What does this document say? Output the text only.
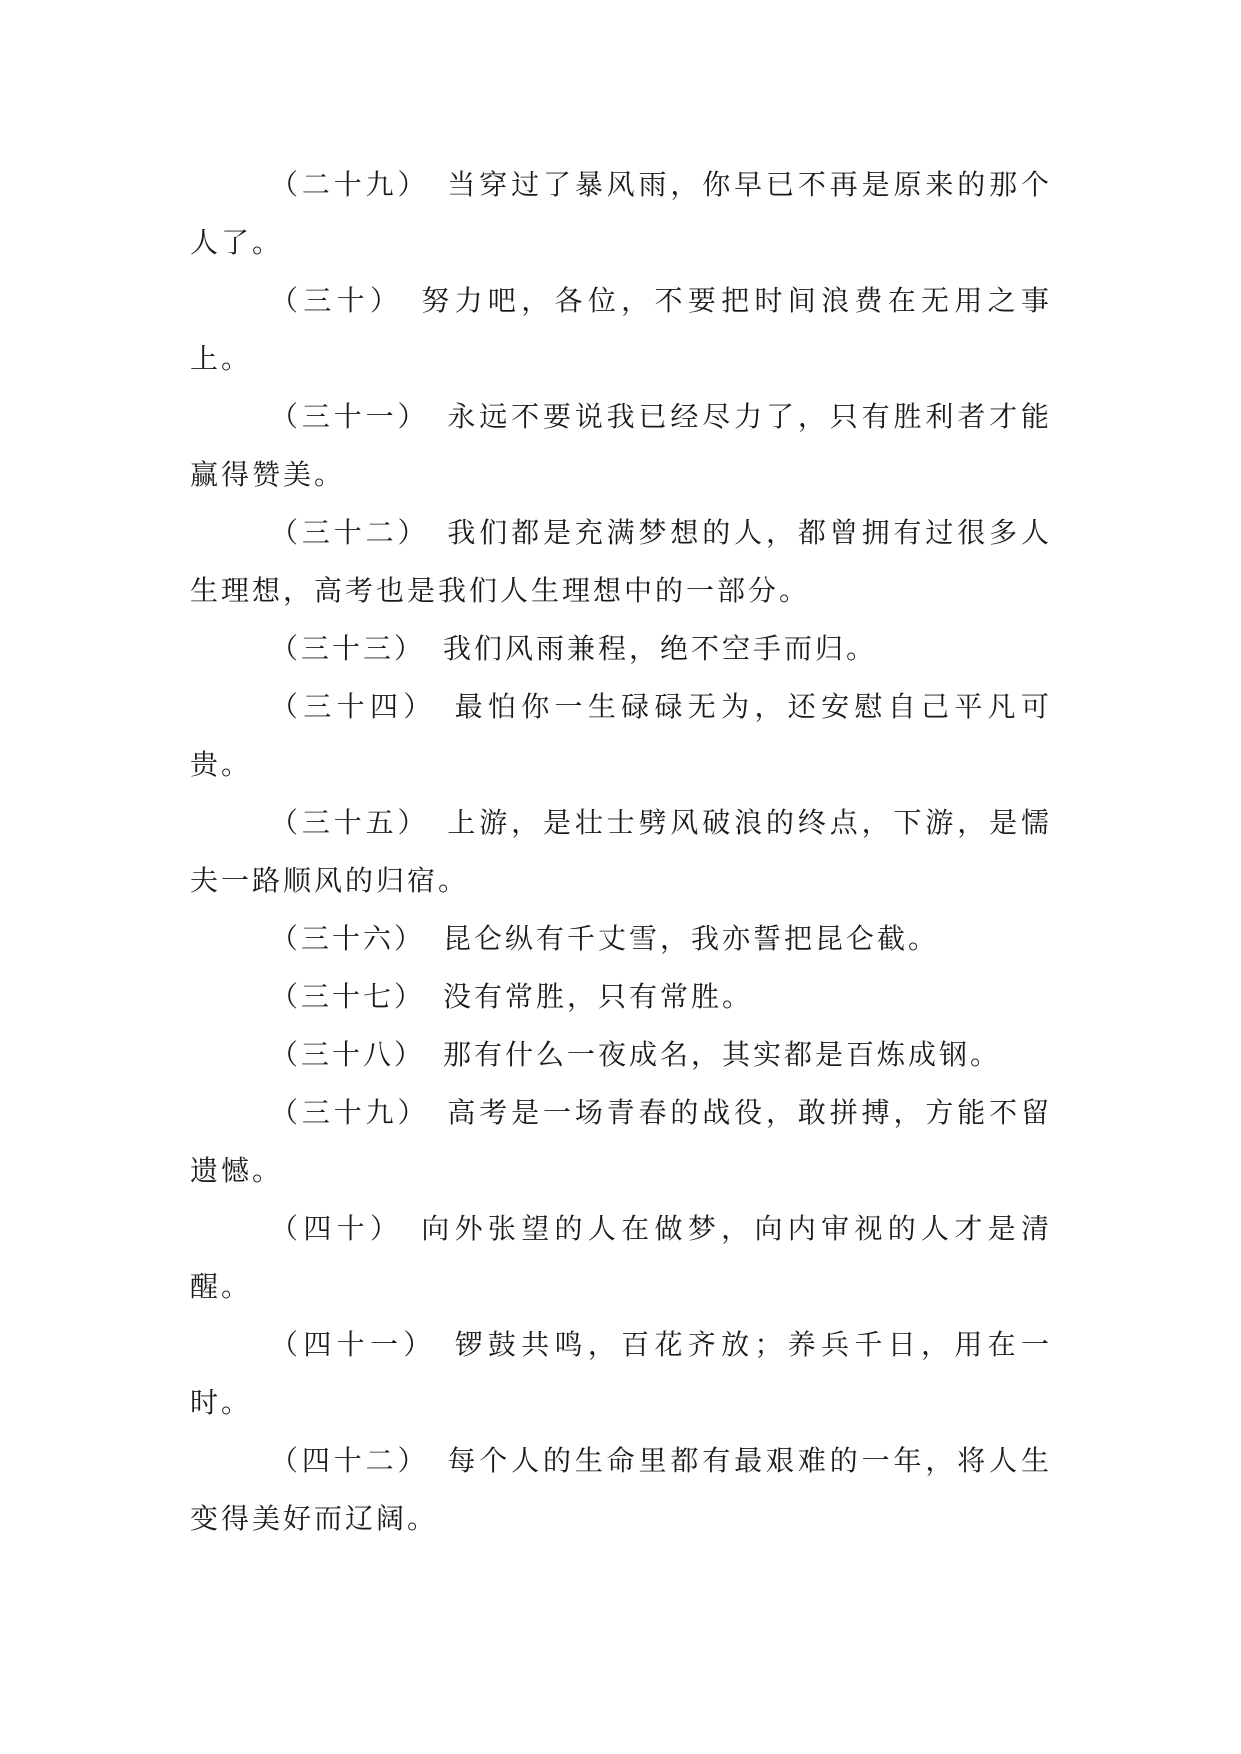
（二十九） 当穿过了暴风雨，你早已不再是原来的那个人了。

（三十） 努力吧，各位，不要把时间浪费在无用之事上。

（三十一） 永远不要说我已经尽力了，只有胜利者才能赢得赞美。

（三十二） 我们都是充满梦想的人，都曾拥有过很多人生理想，高考也是我们人生理想中的一部分。

（三十三） 我们风雨兼程，绝不空手而归。

（三十四） 最怕你一生碌碌无为，还安慰自己平凡可贵。

（三十五） 上游，是壮士劈风破浪的终点，下游，是懦夫一路顺风的归宿。

（三十六） 昆仑纵有千丈雪，我亦誓把昆仑截。

（三十七） 没有常胜，只有常胜。

（三十八） 那有什么一夜成名，其实都是百炼成钢。

（三十九） 高考是一场青春的战役，敢拼搏，方能不留遗憾。

（四十） 向外张望的人在做梦，向内审视的人才是清醒。

（四十一） 锣鼓共鸣，百花齐放；养兵千日，用在一时。

（四十二） 每个人的生命里都有最艰难的一年，将人生变得美好而辽阔。
